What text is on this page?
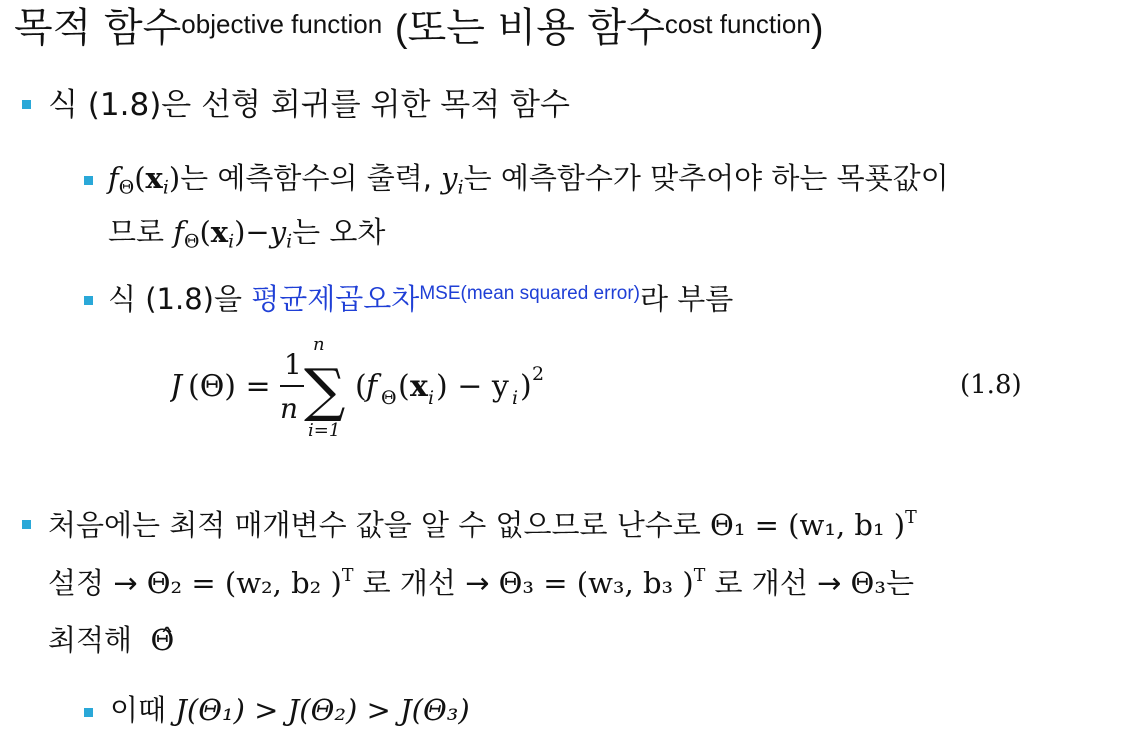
목적 함수$^{objective function}$ (또는 비용 함수$^{cost function}$)
식 (1.8)은 선형 회귀를 위한 목적 함수
$f_\Theta(x_i)$는 예측함수의 출력, $y_i$는 예측함수가 맞추어야 하는 목푯값이
므로 $f_\Theta(x_i)-y_i$는 오차
식 (1.8)을 평균제곱오차$^{MSE(mean squared error)}$라 부름
J (Θ) =
1
n
n
∑
i=1
( f Θ ( x i ) − y i ) 2	(1.8)
처음에는 최적 매개변수 값을 알 수 없으므로 난수로 Θ₁ = (w₁, b₁ )$^T$
설정 → Θ₂ = (w₂, b₂ )$^T$ 로 개선 → Θ₃ = (w₃, b₃ )$^T$ 로 개선 → Θ₃는
최적해 Θ̂
이때 J(Θ₁) > J(Θ₂) > J(Θ₃)
